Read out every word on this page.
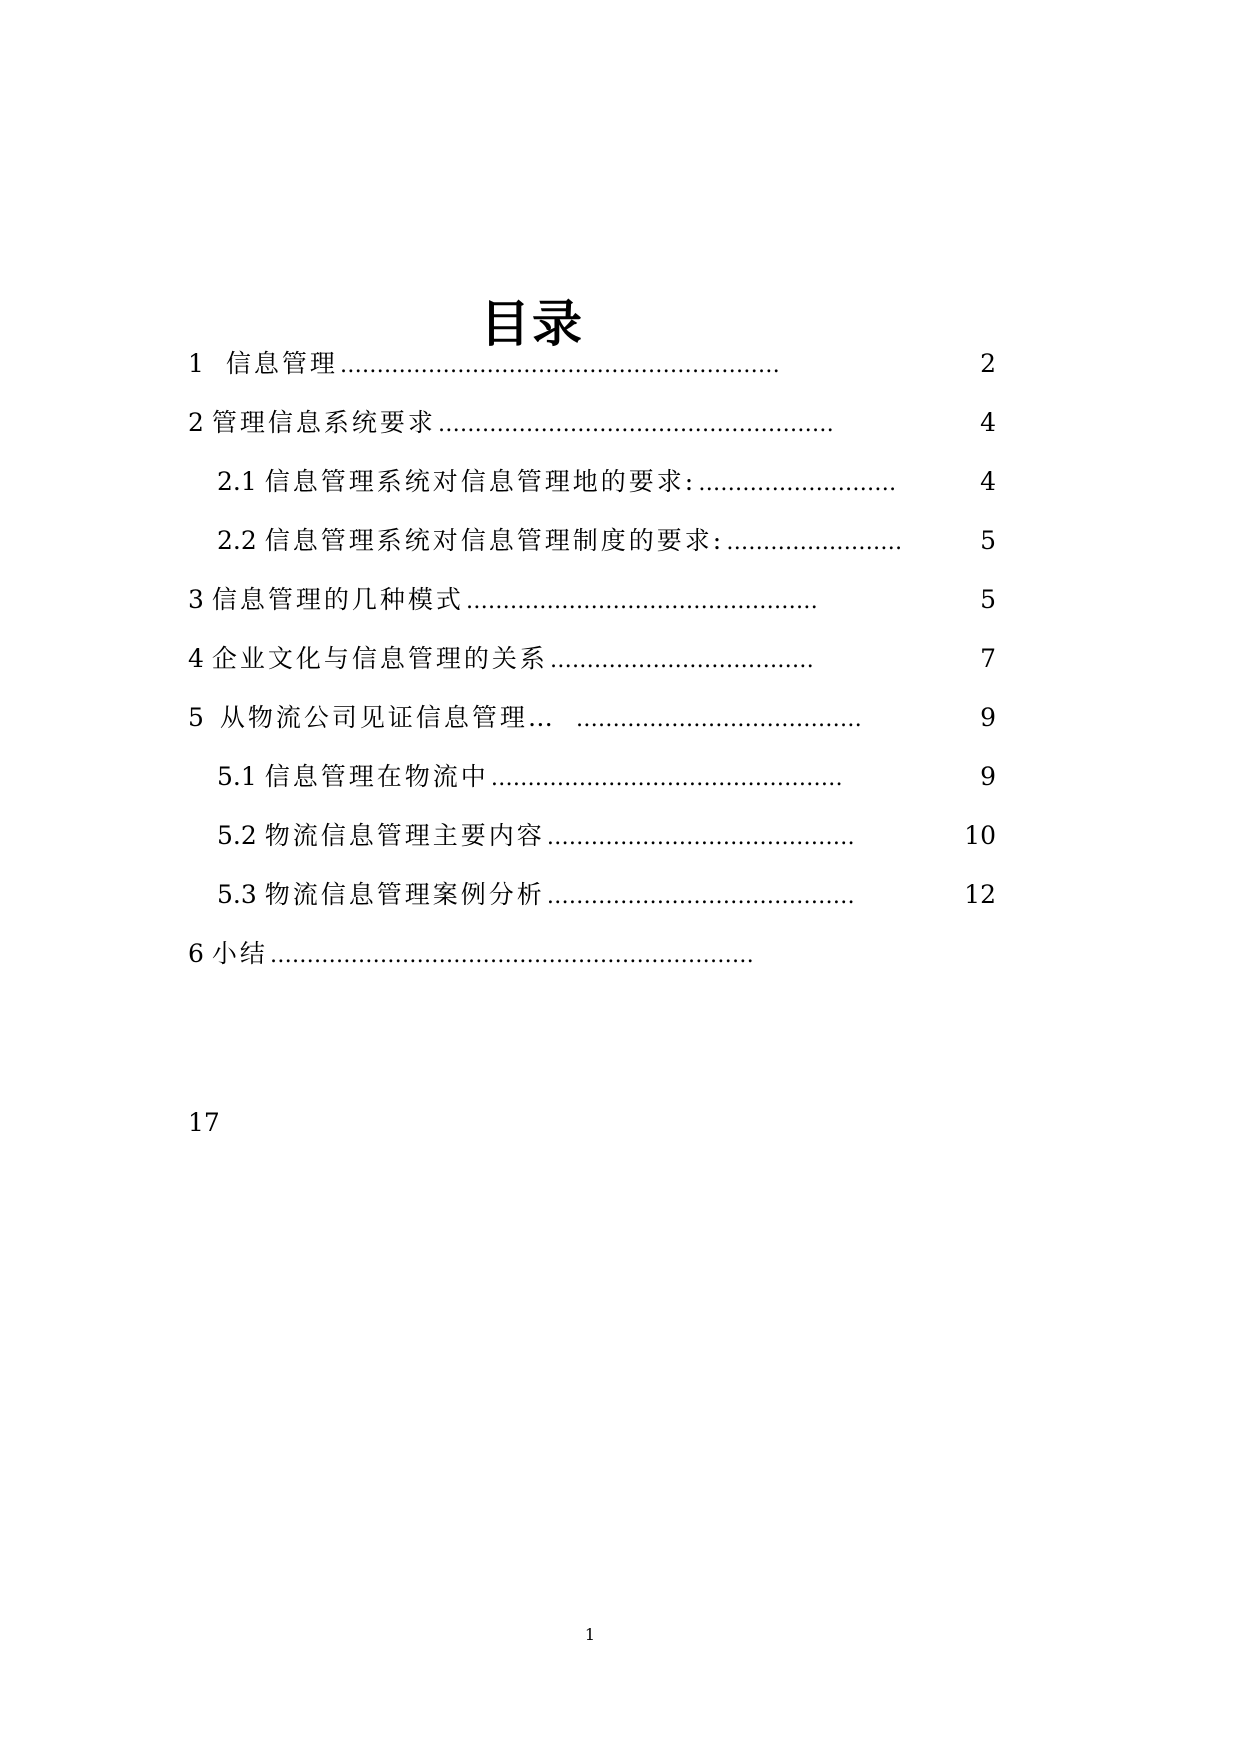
目录
1 信息管理 ……………………………………………………	2
2 管理信息系统要求 ………………………………………………	4
2.1 信息管理系统对信息管理地的要求: ………………………	4
2.2 信息管理系统对信息管理制度的要求: ……………………	5
3 信息管理的几种模式 …………………………………………	5
4 企业文化与信息管理的关系 ………………………………	7
5 从物流公司见证信息管理… …………………………………	9
5.1 信息管理在物流中 …………………………………………	9
5.2 物流信息管理主要内容 ……………………………………	10
5.3 物流信息管理案例分析 ……………………………………	12
6 小结 …………………………………………………………
17
1
